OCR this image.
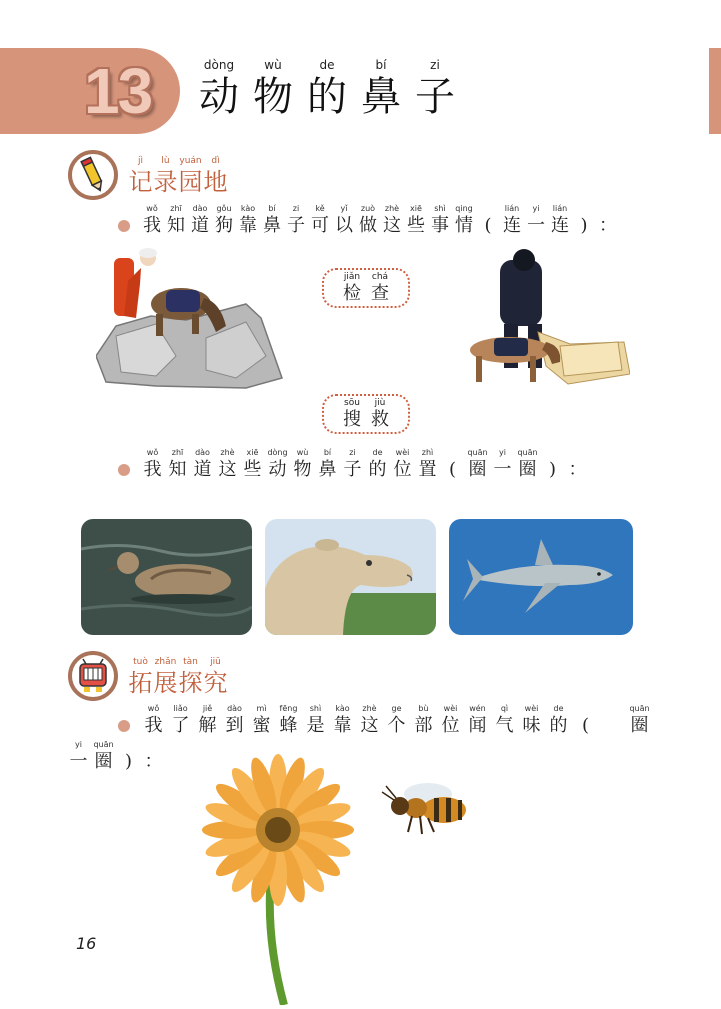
13	dòng
动
wù
物
de
的
bí
鼻
zi
子
jì
记
lù
录
yuán
园
dì
地
wǒ
我
zhī
知
dào
道
gǒu
狗
kào
靠
bí
鼻
zi
子
kě
可
yǐ
以
zuò
做
zhè
这
xiē
些
shì
事
qing
情 (
lián
连
yi
一
lián
连 ) ：
jiǎn
检
chá
查
sōu
搜
jiù
救
wǒ
我
zhī
知
dào
道
zhè
这
xiē
些
dòng
动
wù
物
bí
鼻
zi
子
de
的
wèi
位
zhì
置 (
quān
圈
yi
一
quān
圈 ) ：
tuò
拓
zhǎn
展
tàn
探
jiū
究
wǒ
我
liǎo
了
jiě
解
dào
到
mì
蜜
fēng
蜂
shì
是
kào
靠
zhè
这
ge
个
bù
部
wèi
位
wén
闻
qì
气
wèi
味
de
的 (
quān
圈
yi
一
quān
圈 ) ：
16
